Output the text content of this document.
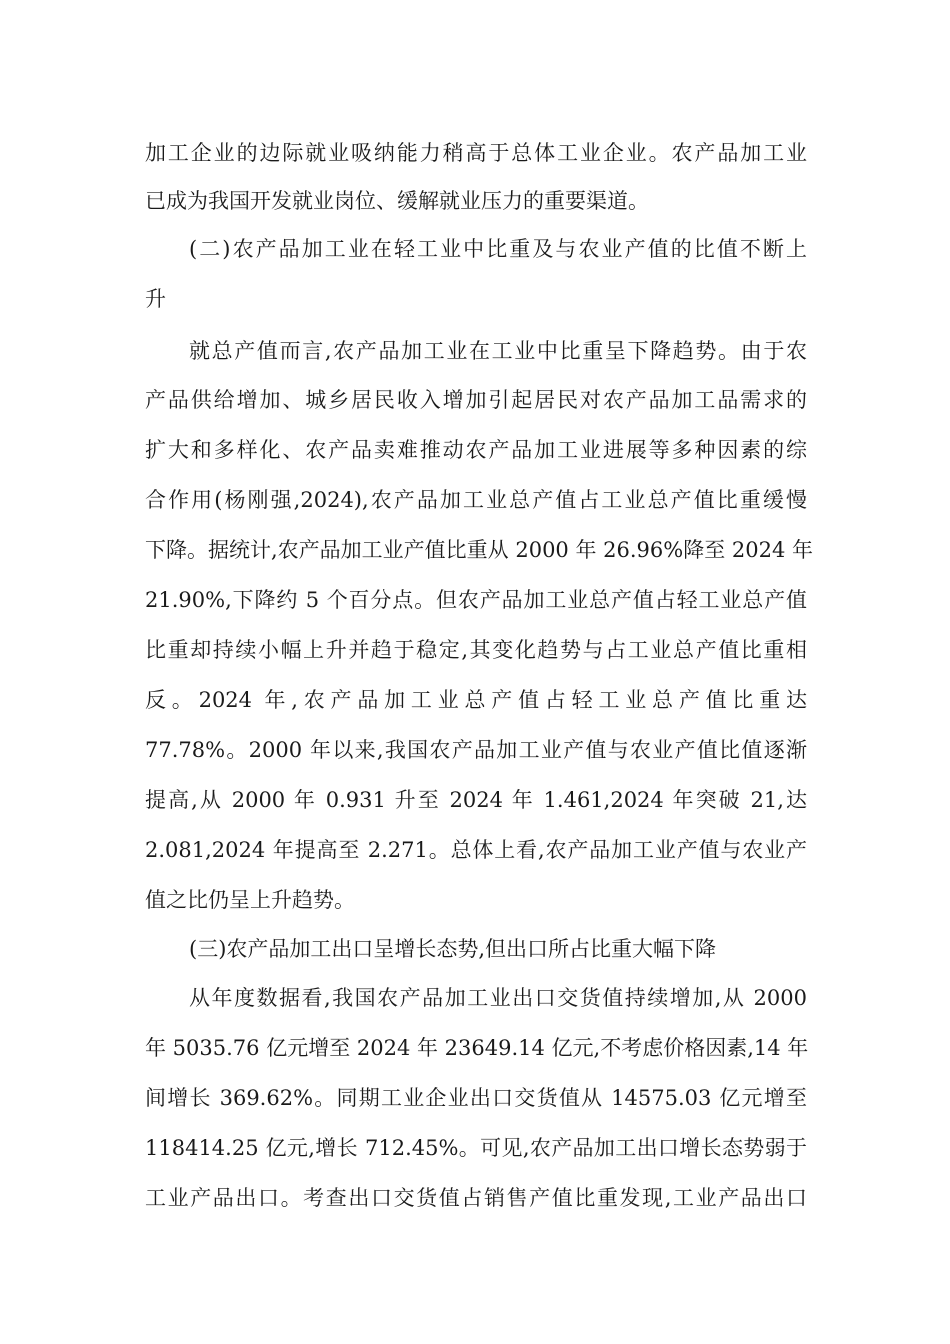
加工企业的边际就业吸纳能力稍高于总体工业企业。农产品加工业

已成为我国开发就业岗位、缓解就业压力的重要渠道。

(二)农产品加工业在轻工业中比重及与农业产值的比值不断上

升

就总产值而言,农产品加工业在工业中比重呈下降趋势。由于农

产品供给增加、城乡居民收入增加引起居民对农产品加工品需求的

扩大和多样化、农产品卖难推动农产品加工业进展等多种因素的综

合作用(杨刚强,2024),农产品加工业总产值占工业总产值比重缓慢

下降。据统计,农产品加工业产值比重从 2000 年 26.96%降至 2024 年

21.90%,下降约 5 个百分点。但农产品加工业总产值占轻工业总产值

比重却持续小幅上升并趋于稳定,其变化趋势与占工业总产值比重相

反。2024 年,农产品加工业总产值占轻工业总产值比重达

77.78%。2000 年以来,我国农产品加工业产值与农业产值比值逐渐

提高,从 2000 年 0.931 升至 2024 年 1.461,2024 年突破 21,达

2.081,2024 年提高至 2.271。总体上看,农产品加工业产值与农业产

值之比仍呈上升趋势。

(三)农产品加工出口呈增长态势,但出口所占比重大幅下降

从年度数据看,我国农产品加工业出口交货值持续增加,从 2000

年 5035.76 亿元增至 2024 年 23649.14 亿元,不考虑价格因素,14 年

间增长 369.62%。同期工业企业出口交货值从 14575.03 亿元增至

118414.25 亿元,增长 712.45%。可见,农产品加工出口增长态势弱于

工业产品出口。考查出口交货值占销售产值比重发现,工业产品出口
